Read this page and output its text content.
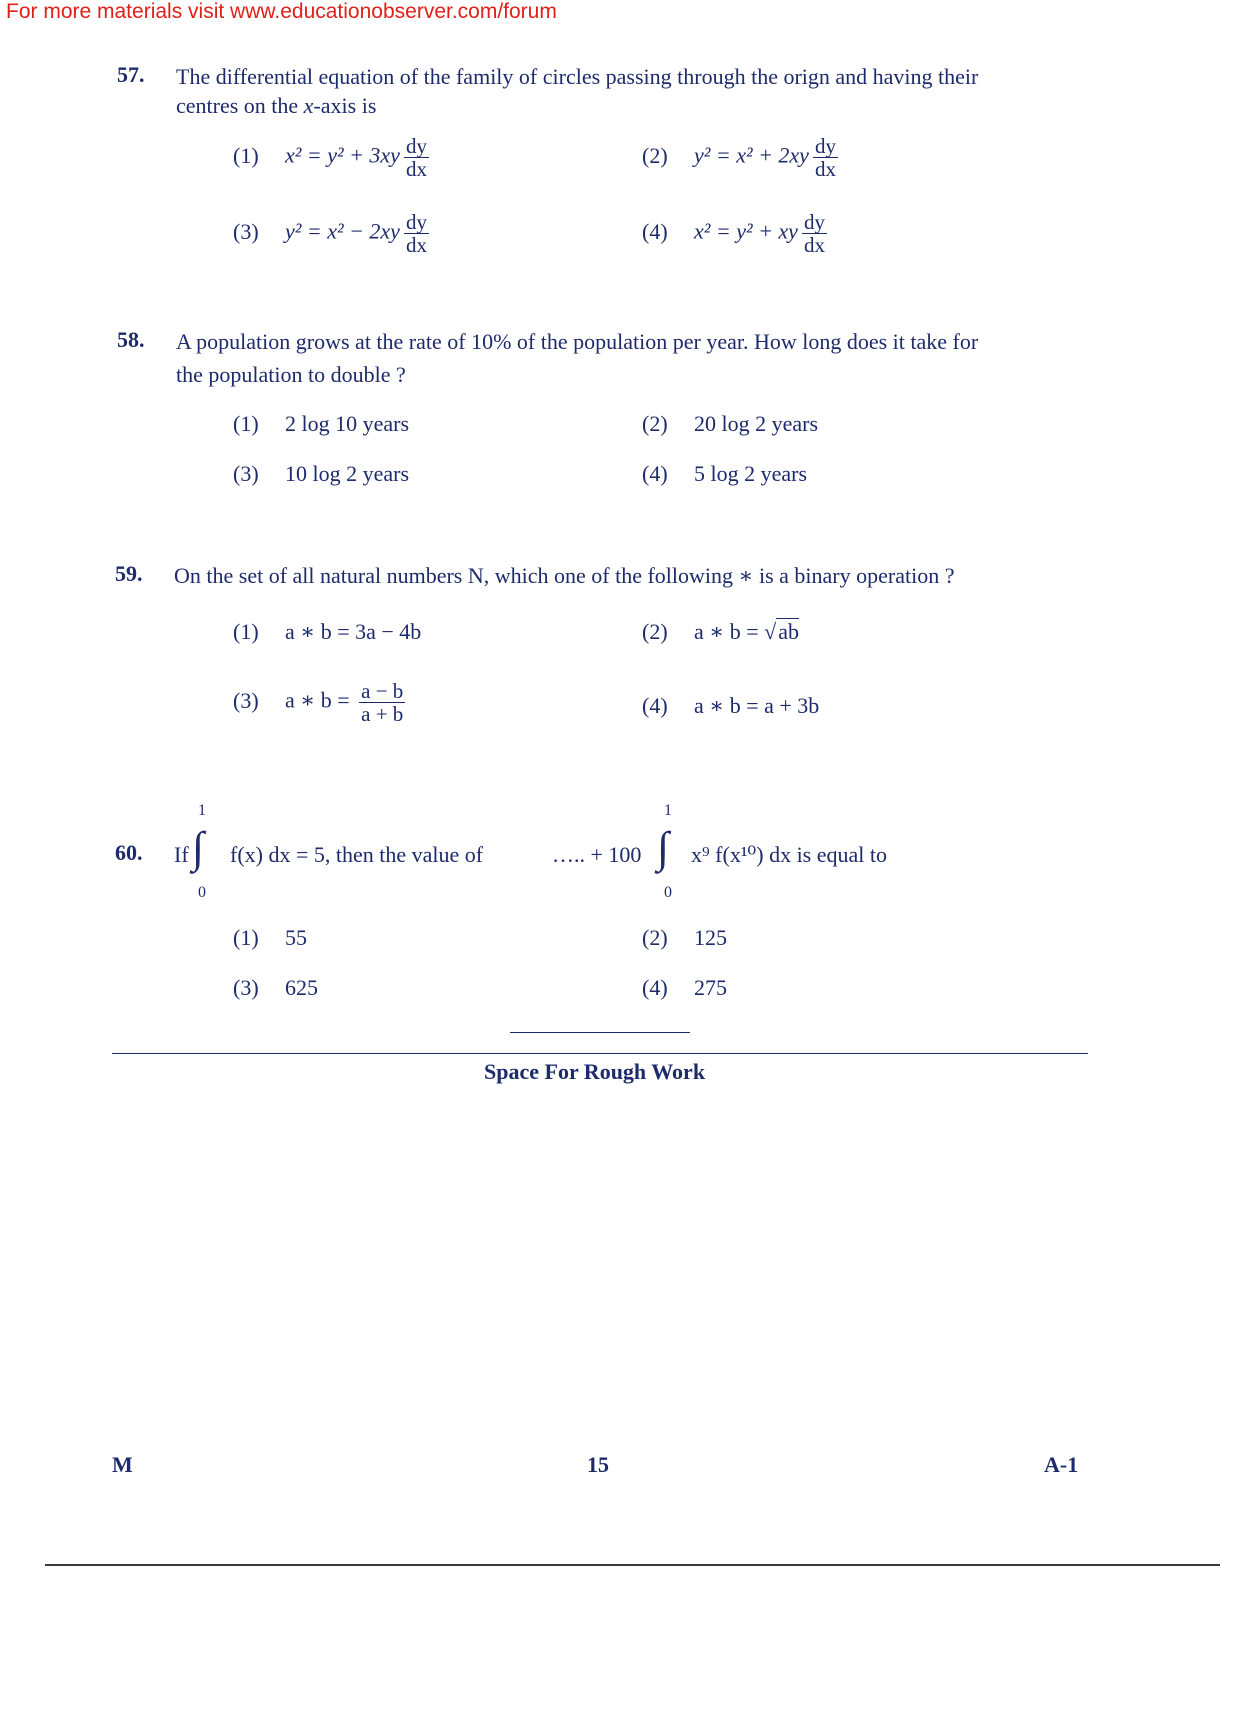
For more materials visit www.educationobserver.com/forum
57. The differential equation of the family of circles passing through the orign and having their
centres on the x-axis is
(1) $x^2 = y^2 + 3xy \frac{dy}{dx}$	(2) $y^2 = x^2 + 2xy \frac{dy}{dx}$
(3) $y^2 = x^2 - 2xy \frac{dy}{dx}$	(4) x² = y² + xy $\frac{dy}{dx}$
58. A population grows at the rate of 10% of the population per year. How long does it take for
the population to double ?
(1) 2 log 10 years	(2) 20 log 2 years
(3) 10 log 2 years	(4) 5 log 2 years
59. On the set of all natural numbers N, which one of the following ∗ is a binary operation ?
(1) a ∗ b = 3a − 4b	(2) a ∗ b = √ab
(3) a ∗ $b = \frac{a - b}{a + b}$	(4) a ∗ b = a + 3b
60. If
1
∫
0
f(x) dx = 5, then the value of	….. + 100
1
∫
0
x⁹ f(x¹⁰) dx is equal to
(1) 55	(2) 125
(3) 625	(4) 275
Space For Rough Work
M	15	A-1
